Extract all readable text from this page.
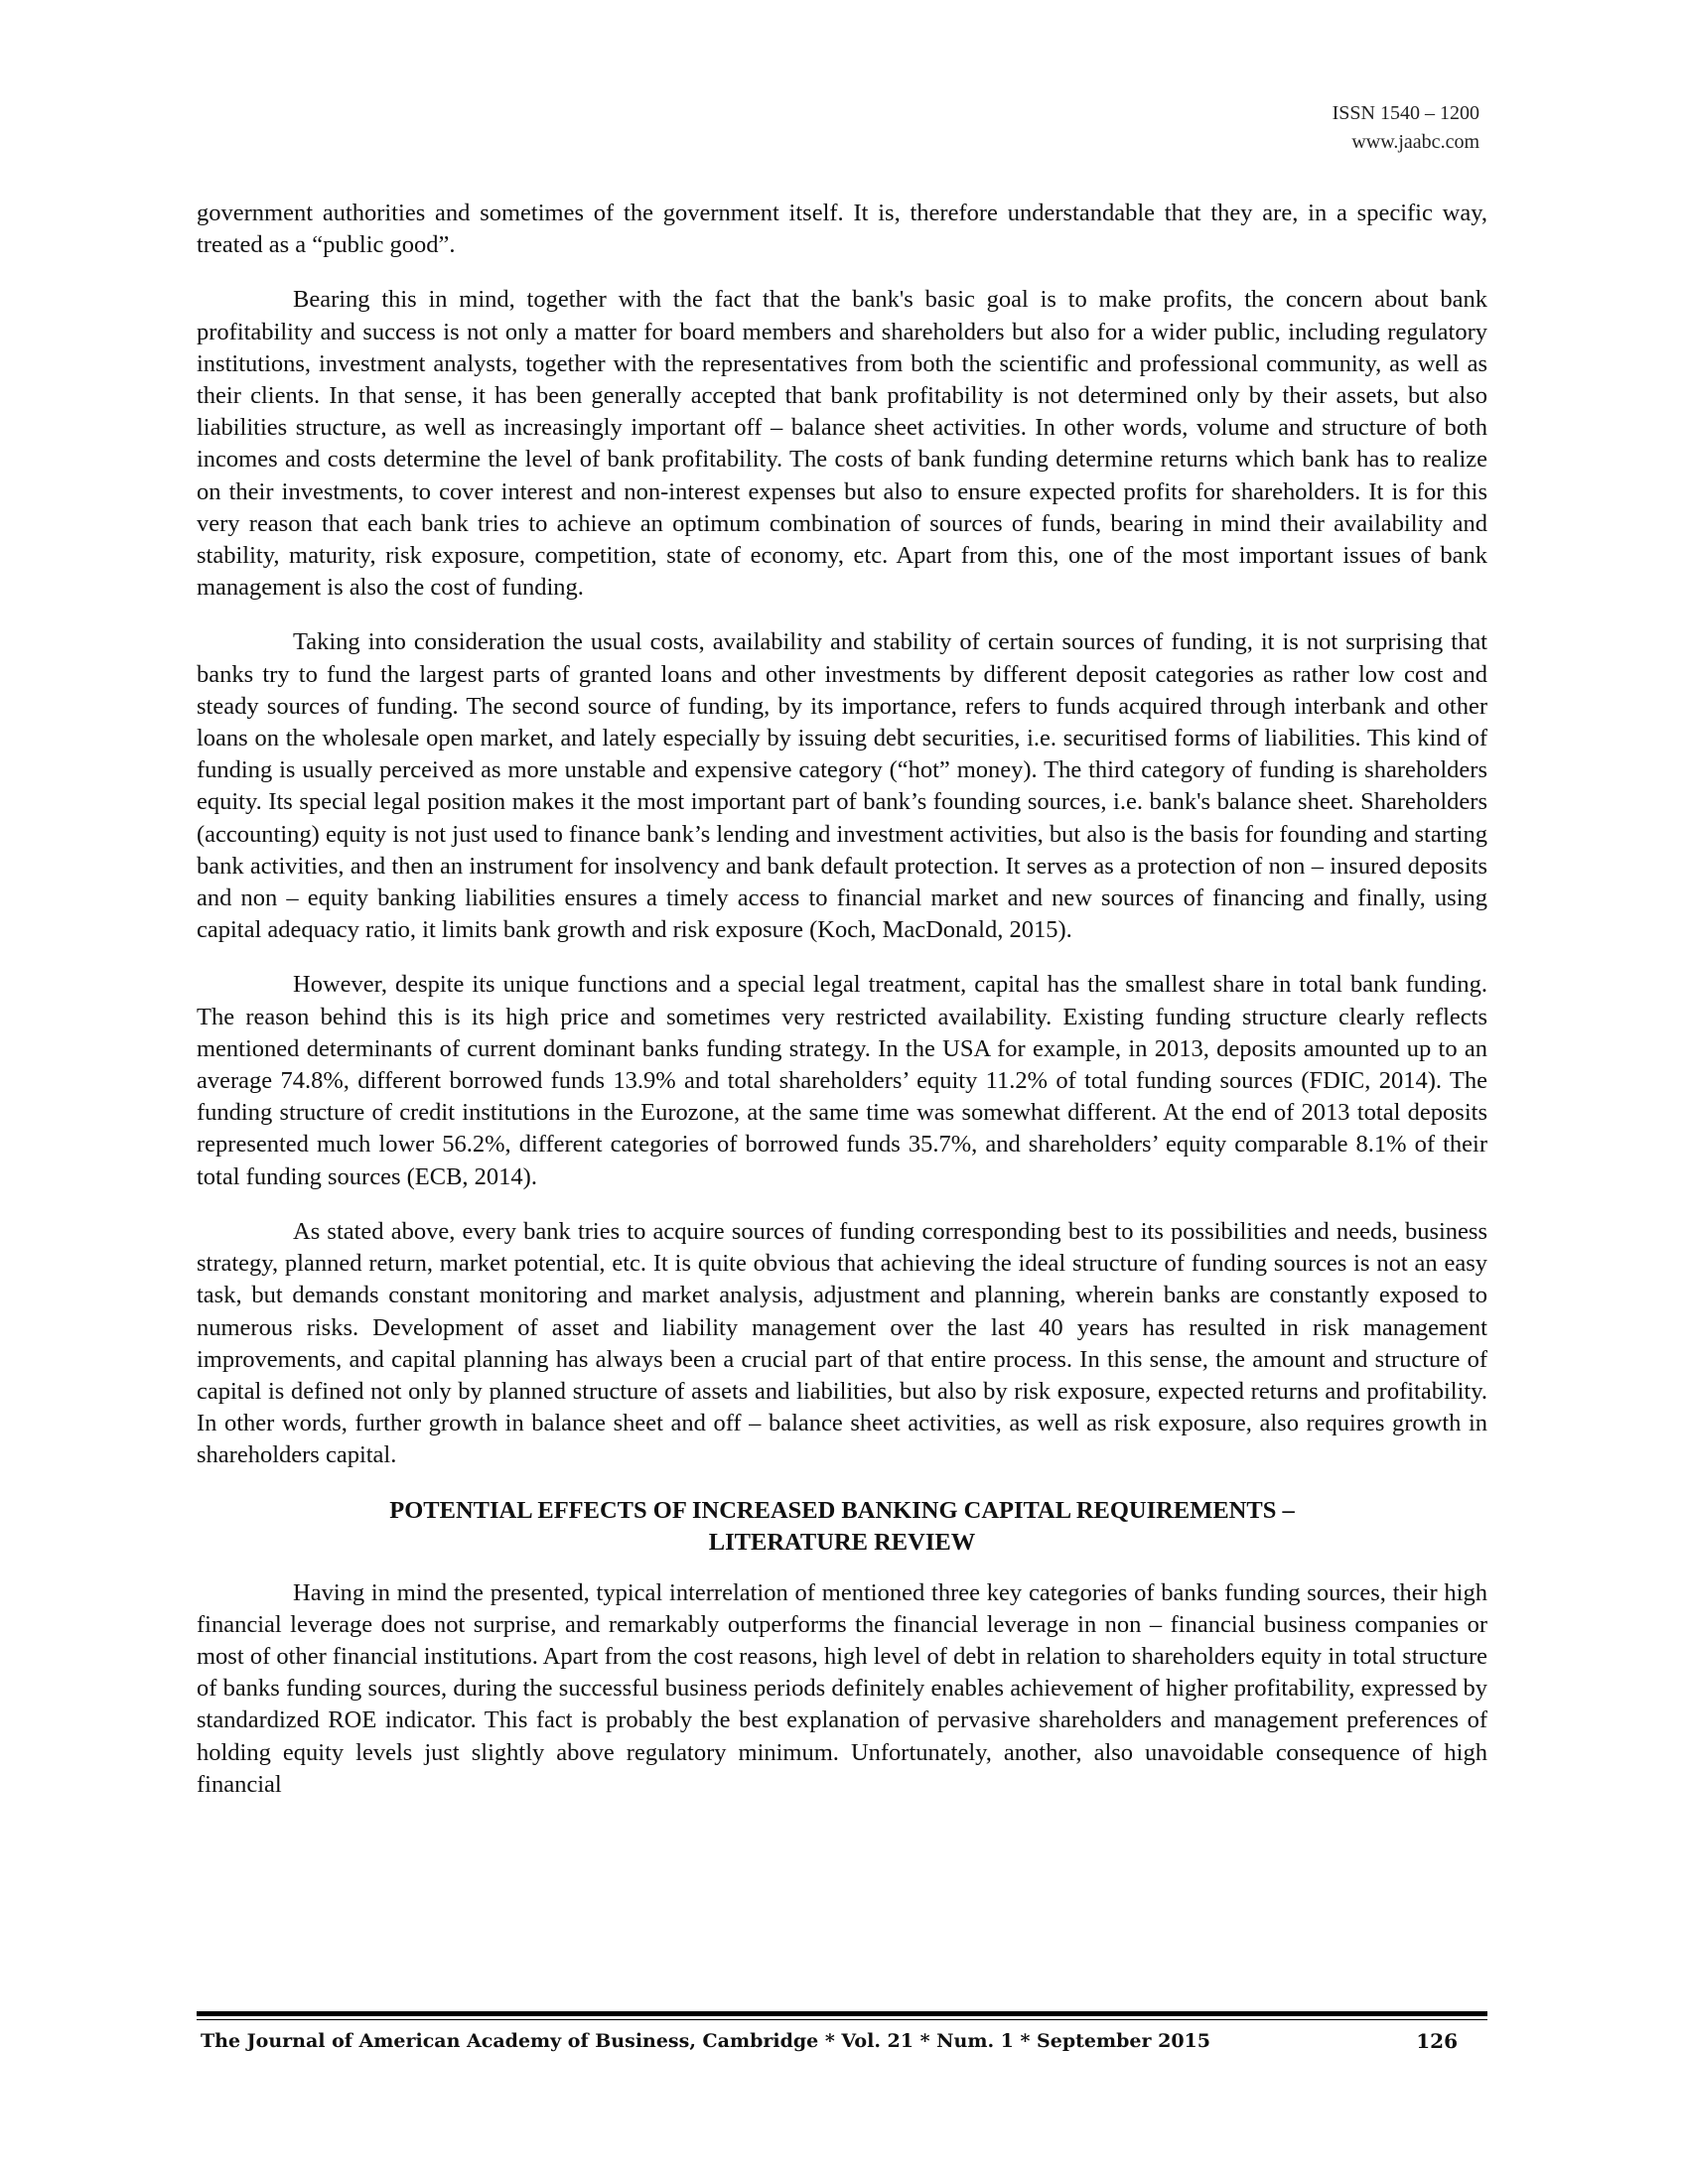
ISSN 1540 – 1200
www.jaabc.com

government authorities and sometimes of the government itself. It is, therefore understandable that they are, in a specific way, treated as a “public good”.

Bearing this in mind, together with the fact that the bank's basic goal is to make profits, the concern about bank profitability and success is not only a matter for board members and shareholders but also for a wider public, including regulatory institutions, investment analysts, together with the representatives from both the scientific and professional community, as well as their clients. In that sense, it has been generally accepted that bank profitability is not determined only by their assets, but also liabilities structure, as well as increasingly important off – balance sheet activities. In other words, volume and structure of both incomes and costs determine the level of bank profitability. The costs of bank funding determine returns which bank has to realize on their investments, to cover interest and non-interest expenses but also to ensure expected profits for shareholders. It is for this very reason that each bank tries to achieve an optimum combination of sources of funds, bearing in mind their availability and stability, maturity, risk exposure, competition, state of economy, etc. Apart from this, one of the most important issues of bank management is also the cost of funding.

Taking into consideration the usual costs, availability and stability of certain sources of funding, it is not surprising that banks try to fund the largest parts of granted loans and other investments by different deposit categories as rather low cost and steady sources of funding. The second source of funding, by its importance, refers to funds acquired through interbank and other loans on the wholesale open market, and lately especially by issuing debt securities, i.e. securitised forms of liabilities. This kind of funding is usually perceived as more unstable and expensive category (“hot” money). The third category of funding is shareholders equity. Its special legal position makes it the most important part of bank’s founding sources, i.e. bank's balance sheet. Shareholders (accounting) equity is not just used to finance bank’s lending and investment activities, but also is the basis for founding and starting bank activities, and then an instrument for insolvency and bank default protection. It serves as a protection of non – insured deposits and non – equity banking liabilities ensures a timely access to financial market and new sources of financing and finally, using capital adequacy ratio, it limits bank growth and risk exposure (Koch, MacDonald, 2015).

However, despite its unique functions and a special legal treatment, capital has the smallest share in total bank funding. The reason behind this is its high price and sometimes very restricted availability. Existing funding structure clearly reflects mentioned determinants of current dominant banks funding strategy. In the USA for example, in 2013, deposits amounted up to an average 74.8%, different borrowed funds 13.9% and total shareholders’ equity 11.2% of total funding sources (FDIC, 2014). The funding structure of credit institutions in the Eurozone, at the same time was somewhat different. At the end of 2013 total deposits represented much lower 56.2%, different categories of borrowed funds 35.7%, and shareholders’ equity comparable 8.1% of their total funding sources (ECB, 2014).

As stated above, every bank tries to acquire sources of funding corresponding best to its possibilities and needs, business strategy, planned return, market potential, etc. It is quite obvious that achieving the ideal structure of funding sources is not an easy task, but demands constant monitoring and market analysis, adjustment and planning, wherein banks are constantly exposed to numerous risks. Development of asset and liability management over the last 40 years has resulted in risk management improvements, and capital planning has always been a crucial part of that entire process. In this sense, the amount and structure of capital is defined not only by planned structure of assets and liabilities, but also by risk exposure, expected returns and profitability. In other words, further growth in balance sheet and off – balance sheet activities, as well as risk exposure, also requires growth in shareholders capital.

POTENTIAL EFFECTS OF INCREASED BANKING CAPITAL REQUIREMENTS –
LITERATURE REVIEW

Having in mind the presented, typical interrelation of mentioned three key categories of banks funding sources, their high financial leverage does not surprise, and remarkably outperforms the financial leverage in non – financial business companies or most of other financial institutions. Apart from the cost reasons, high level of debt in relation to shareholders equity in total structure of banks funding sources, during the successful business periods definitely enables achievement of higher profitability, expressed by standardized ROE indicator. This fact is probably the best explanation of pervasive shareholders and management preferences of holding equity levels just slightly above regulatory minimum. Unfortunately, another, also unavoidable consequence of high financial

The Journal of American Academy of Business, Cambridge * Vol. 21 * Num. 1 * September 2015	126
